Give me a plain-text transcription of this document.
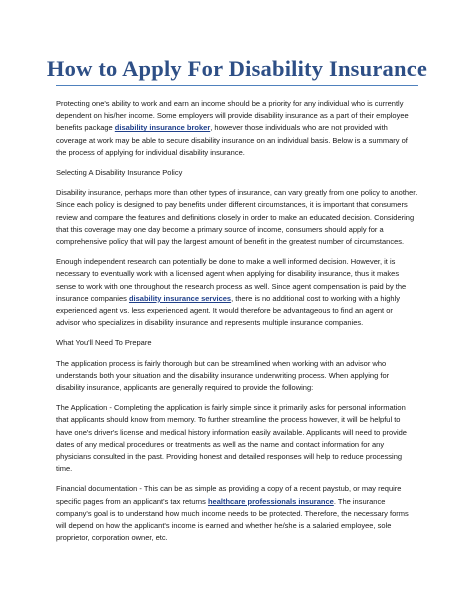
How to Apply For Disability Insurance

Protecting one's ability to work and earn an income should be a priority for any individual who is currently dependent on his/her income. Some employers will provide disability insurance as a part of their employee benefits package disability insurance broker, however those individuals who are not provided with coverage at work may be able to secure disability insurance on an individual basis. Below is a summary of the process of applying for individual disability insurance.

Selecting A Disability Insurance Policy

Disability insurance, perhaps more than other types of insurance, can vary greatly from one policy to another. Since each policy is designed to pay benefits under different circumstances, it is important that consumers review and compare the features and definitions closely in order to make an educated decision. Considering that this coverage may one day become a primary source of income, consumers should apply for a comprehensive policy that will pay the largest amount of benefit in the greatest number of circumstances.

Enough independent research can potentially be done to make a well informed decision. However, it is necessary to eventually work with a licensed agent when applying for disability insurance, thus it makes sense to work with one throughout the research process as well. Since agent compensation is paid by the insurance companies disability insurance services, there is no additional cost to working with a highly experienced agent vs. less experienced agent. It would therefore be advantageous to find an agent or advisor who specializes in disability insurance and represents multiple insurance companies.

What You'll Need To Prepare

The application process is fairly thorough but can be streamlined when working with an advisor who understands both your situation and the disability insurance underwriting process. When applying for disability insurance, applicants are generally required to provide the following:

The Application - Completing the application is fairly simple since it primarily asks for personal information that applicants should know from memory. To further streamline the process however, it will be helpful to have one's driver's license and medical history information easily available. Applicants will need to provide dates of any medical procedures or treatments as well as the name and contact information for any physicians consulted in the past. Providing honest and detailed responses will help to reduce processing time.

Financial documentation - This can be as simple as providing a copy of a recent paystub, or may require specific pages from an applicant's tax returns healthcare professionals insurance. The insurance company's goal is to understand how much income needs to be protected. Therefore, the necessary forms will depend on how the applicant's income is earned and whether he/she is a salaried employee, sole proprietor, corporation owner, etc.
